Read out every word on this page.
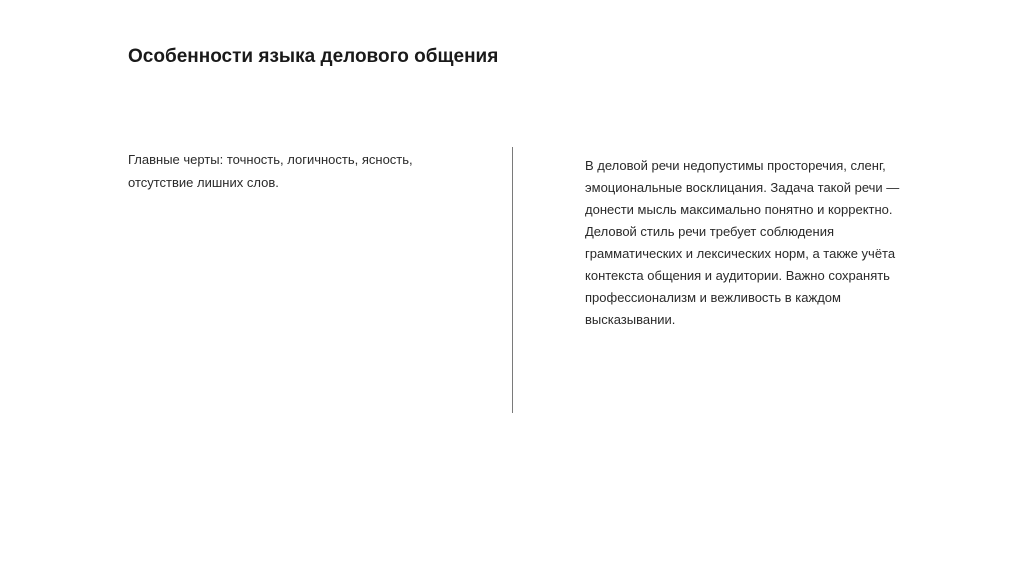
Особенности языка делового общения

Главные черты: точность, логичность, ясность, отсутствие лишних слов.

В деловой речи недопустимы просторечия, сленг, эмоциональные восклицания. Задача такой речи — донести мысль максимально понятно и корректно. Деловой стиль речи требует соблюдения грамматических и лексических норм, а также учёта контекста общения и аудитории. Важно сохранять профессионализм и вежливость в каждом высказывании.
